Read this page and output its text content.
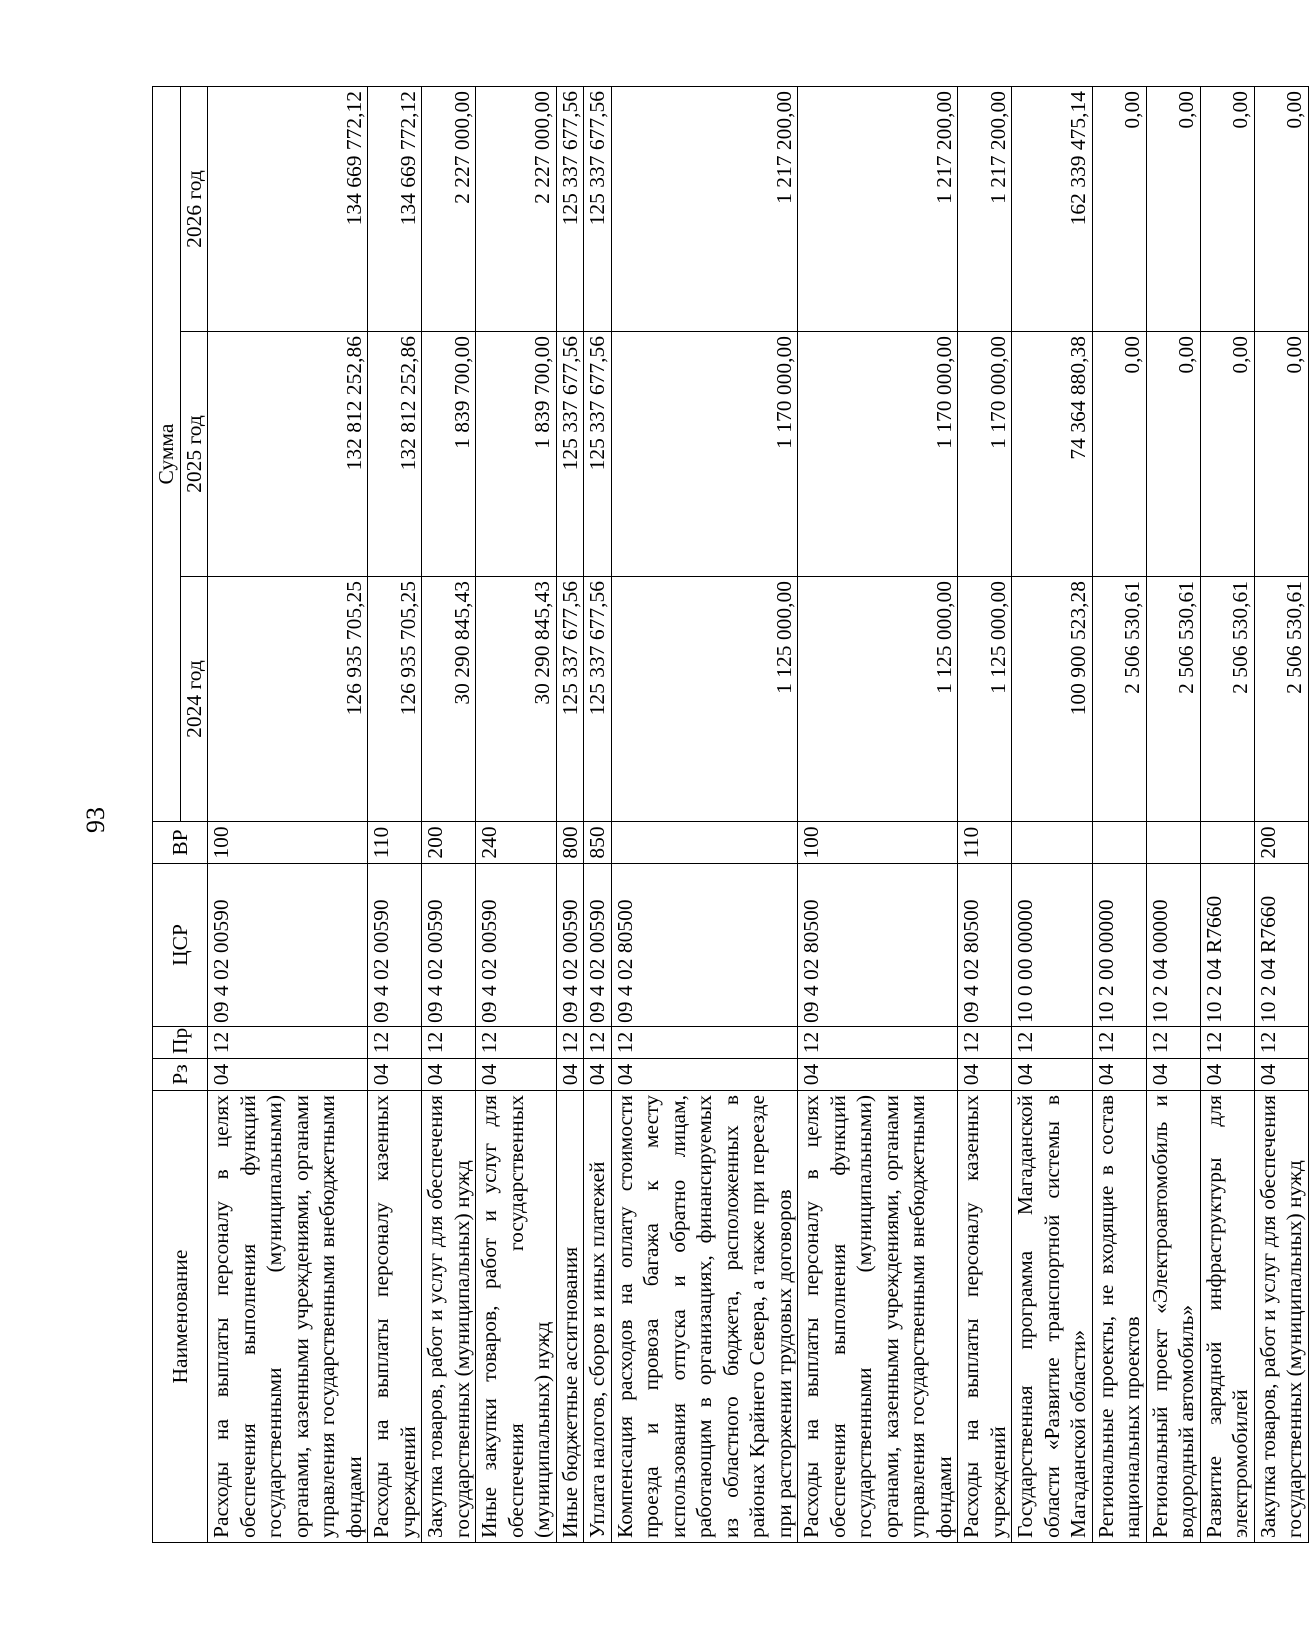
93
Наименование	Рз	Пр	ЦСР	ВР	Сумма		
					2024 год	2025 год	2026 год
Расходы на выплаты персоналу в целях обеспечения выполнения функций государственными (муниципальными) органами, казенными учреждениями, органами управления государственными внебюджетными фондами	04	12	09 4 02 00590	100	126 935 705,25	132 812 252,86	134 669 772,12
Расходы на выплаты персоналу казенных учреждений	04	12	09 4 02 00590	110	126 935 705,25	132 812 252,86	134 669 772,12
Закупка товаров, работ и услуг для обеспечения государственных (муниципальных) нужд	04	12	09 4 02 00590	200	30 290 845,43	1 839 700,00	2 227 000,00
Иные закупки товаров, работ и услуг для обеспечения государственных (муниципальных) нужд	04	12	09 4 02 00590	240	30 290 845,43	1 839 700,00	2 227 000,00
Иные бюджетные ассигнования	04	12	09 4 02 00590	800	125 337 677,56	125 337 677,56	125 337 677,56
Уплата налогов, сборов и иных платежей	04	12	09 4 02 00590	850	125 337 677,56	125 337 677,56	125 337 677,56
Компенсация расходов на оплату стоимости проезда и провоза багажа к месту использования отпуска и обратно лицам, работающим в организациях, финансируемых из областного бюджета, расположенных в районах Крайнего Севера, а также при переезде при расторжении трудовых договоров	04	12	09 4 02 80500		1 125 000,00	1 170 000,00	1 217 200,00
Расходы на выплаты персоналу в целях обеспечения выполнения функций государственными (муниципальными) органами, казенными учреждениями, органами управления государственными внебюджетными фондами	04	12	09 4 02 80500	100	1 125 000,00	1 170 000,00	1 217 200,00
Расходы на выплаты персоналу казенных учреждений	04	12	09 4 02 80500	110	1 125 000,00	1 170 000,00	1 217 200,00
Государственная программа Магаданской области «Развитие транспортной системы в Магаданской области»	04	12	10 0 00 00000		100 900 523,28	74 364 880,38	162 339 475,14
Региональные проекты, не входящие в состав национальных проектов	04	12	10 2 00 00000		2 506 530,61	0,00	0,00
Региональный проект «Электроавтомобиль и водородный автомобиль»	04	12	10 2 04 00000		2 506 530,61	0,00	0,00
Развитие зарядной инфраструктуры для электромобилей	04	12	10 2 04 R7660		2 506 530,61	0,00	0,00
Закупка товаров, работ и услуг для обеспечения государственных (муниципальных) нужд	04	12	10 2 04 R7660	200	2 506 530,61	0,00	0,00
